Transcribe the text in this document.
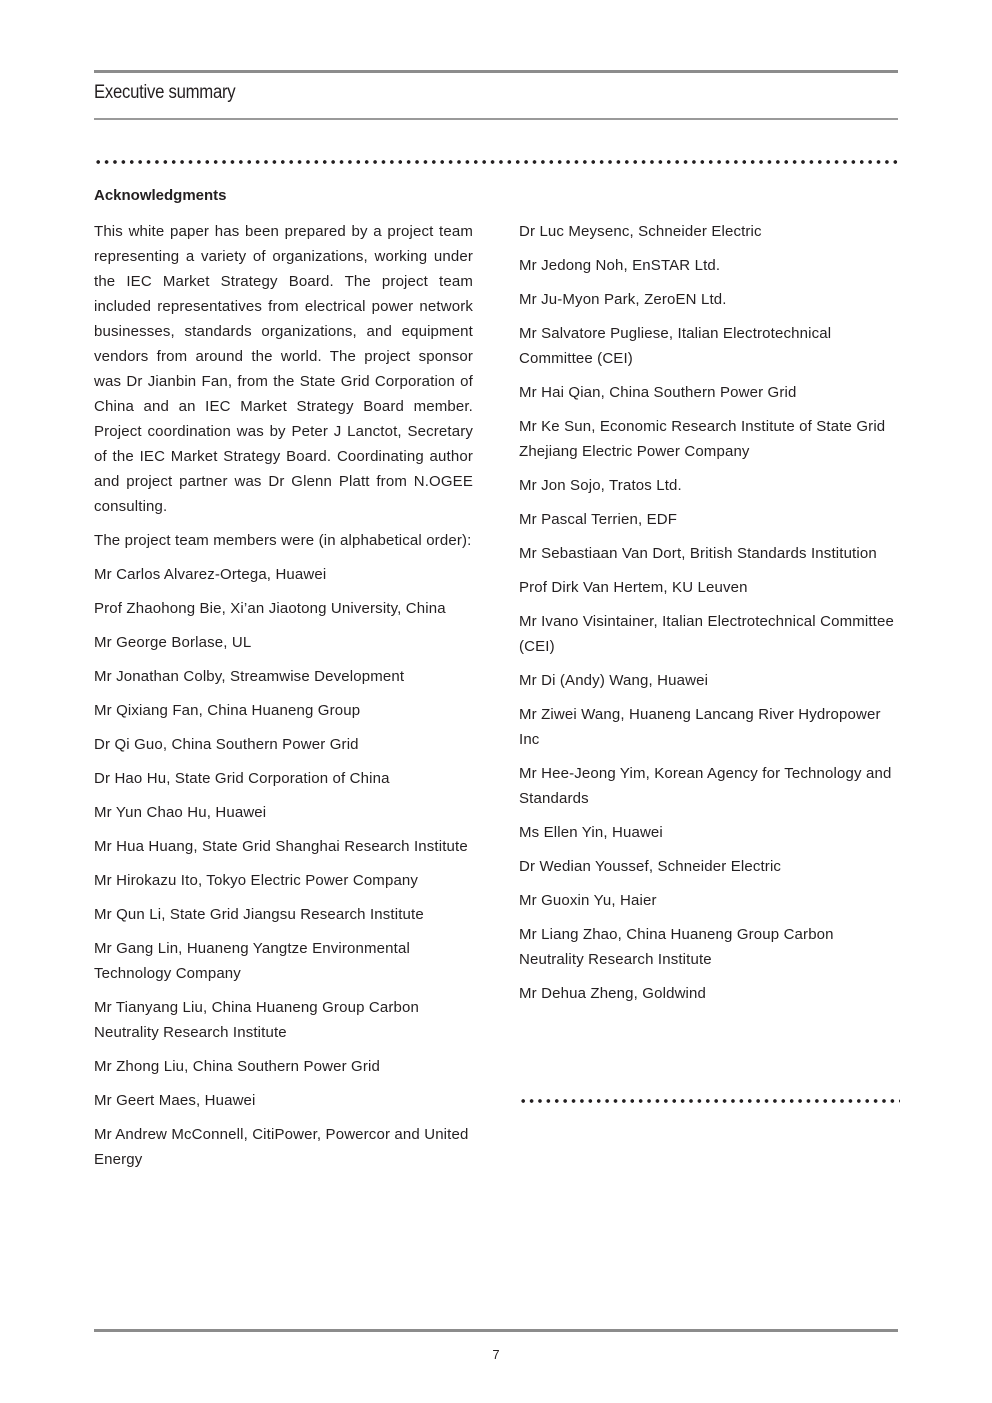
Executive summary
Acknowledgments

This white paper has been prepared by a project team representing a variety of organizations, working under the IEC Market Strategy Board. The project team included representatives from electrical power network businesses, standards organizations, and equipment vendors from around the world. The project sponsor was Dr Jianbin Fan, from the State Grid Corporation of China and an IEC Market Strategy Board member. Project coordination was by Peter J Lanctot, Secretary of the IEC Market Strategy Board. Coordinating author and project partner was Dr Glenn Platt from N.OGEE consulting.

The project team members were (in alphabetical order):

Mr Carlos Alvarez-Ortega, Huawei

Prof Zhaohong Bie, Xi’an Jiaotong University, China

Mr George Borlase, UL

Mr Jonathan Colby, Streamwise Development

Mr Qixiang Fan, China Huaneng Group

Dr Qi Guo, China Southern Power Grid

Dr Hao Hu, State Grid Corporation of China

Mr Yun Chao Hu, Huawei

Mr Hua Huang, State Grid Shanghai Research Institute

Mr Hirokazu Ito, Tokyo Electric Power Company

Mr Qun Li, State Grid Jiangsu Research Institute

Mr Gang Lin, Huaneng Yangtze Environmental Technology Company

Mr Tianyang Liu, China Huaneng Group Carbon Neutrality Research Institute

Mr Zhong Liu, China Southern Power Grid

Mr Geert Maes, Huawei

Mr Andrew McConnell, CitiPower, Powercor and United Energy

Dr Luc Meysenc, Schneider Electric

Mr Jedong Noh, EnSTAR Ltd.

Mr Ju-Myon Park, ZeroEN Ltd.

Mr Salvatore Pugliese, Italian Electrotechnical Committee (CEI)

Mr Hai Qian, China Southern Power Grid

Mr Ke Sun, Economic Research Institute of State Grid Zhejiang Electric Power Company

Mr Jon Sojo, Tratos Ltd.

Mr Pascal Terrien, EDF

Mr Sebastiaan Van Dort, British Standards Institution

Prof Dirk Van Hertem, KU Leuven

Mr Ivano Visintainer, Italian Electrotechnical Committee (CEI)

Mr Di (Andy) Wang, Huawei

Mr Ziwei Wang, Huaneng Lancang River Hydropower Inc

Mr Hee-Jeong Yim, Korean Agency for Technology and Standards

Ms Ellen Yin, Huawei

Dr Wedian Youssef, Schneider Electric

Mr Guoxin Yu, Haier

Mr Liang Zhao, China Huaneng Group Carbon Neutrality Research Institute

Mr Dehua Zheng, Goldwind

7
